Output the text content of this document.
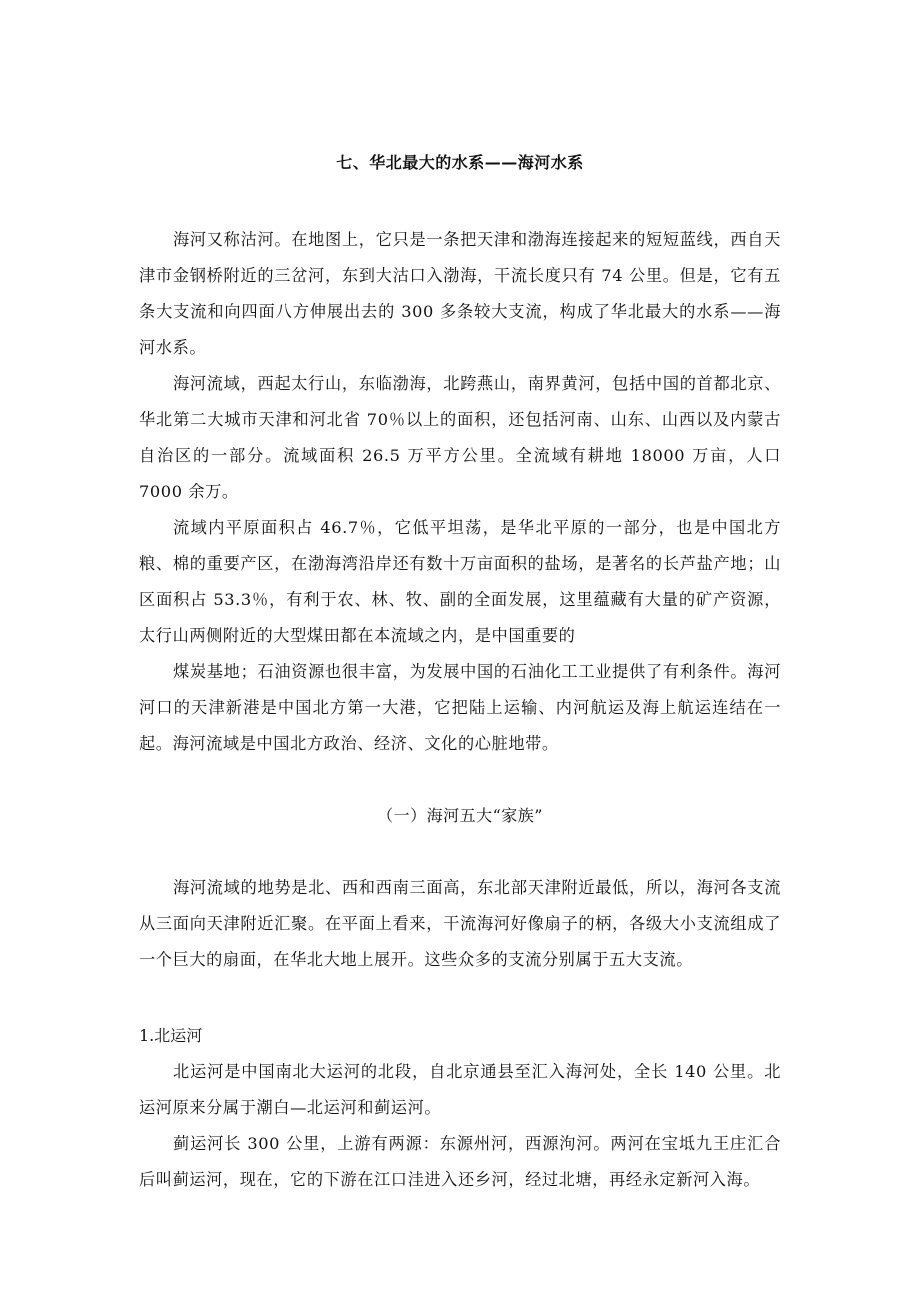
七、华北最大的水系——海河水系

海河又称沽河。在地图上，它只是一条把天津和渤海连接起来的短短蓝线，西自天津市金钢桥附近的三岔河，东到大沽口入渤海，干流长度只有 74 公里。但是，它有五条大支流和向四面八方伸展出去的 300 多条较大支流，构成了华北最大的水系——海河水系。

海河流域，西起太行山，东临渤海，北跨燕山，南界黄河，包括中国的首都北京、华北第二大城市天津和河北省 70％以上的面积，还包括河南、山东、山西以及内蒙古自治区的一部分。流域面积 26.5 万平方公里。全流域有耕地 18000 万亩，人口 7000 余万。

流域内平原面积占 46.7％，它低平坦荡，是华北平原的一部分，也是中国北方粮、棉的重要产区，在渤海湾沿岸还有数十万亩面积的盐场，是著名的长芦盐产地；山区面积占 53.3％，有利于农、林、牧、副的全面发展，这里蕴藏有大量的矿产资源，太行山两侧附近的大型煤田都在本流域之内，是中国重要的

煤炭基地；石油资源也很丰富，为发展中国的石油化工工业提供了有利条件。海河河口的天津新港是中国北方第一大港，它把陆上运输、内河航运及海上航运连结在一起。海河流域是中国北方政治、经济、文化的心脏地带。

（一）海河五大“家族”

海河流域的地势是北、西和西南三面高，东北部天津附近最低，所以，海河各支流从三面向天津附近汇聚。在平面上看来，干流海河好像扇子的柄，各级大小支流组成了一个巨大的扇面，在华北大地上展开。这些众多的支流分别属于五大支流。

1.北运河

北运河是中国南北大运河的北段，自北京通县至汇入海河处，全长 140 公里。北运河原来分属于潮白—北运河和蓟运河。

蓟运河长 300 公里，上游有两源：东源州河，西源泃河。两河在宝坻九王庄汇合后叫蓟运河，现在，它的下游在江口洼进入还乡河，经过北塘，再经永定新河入海。
